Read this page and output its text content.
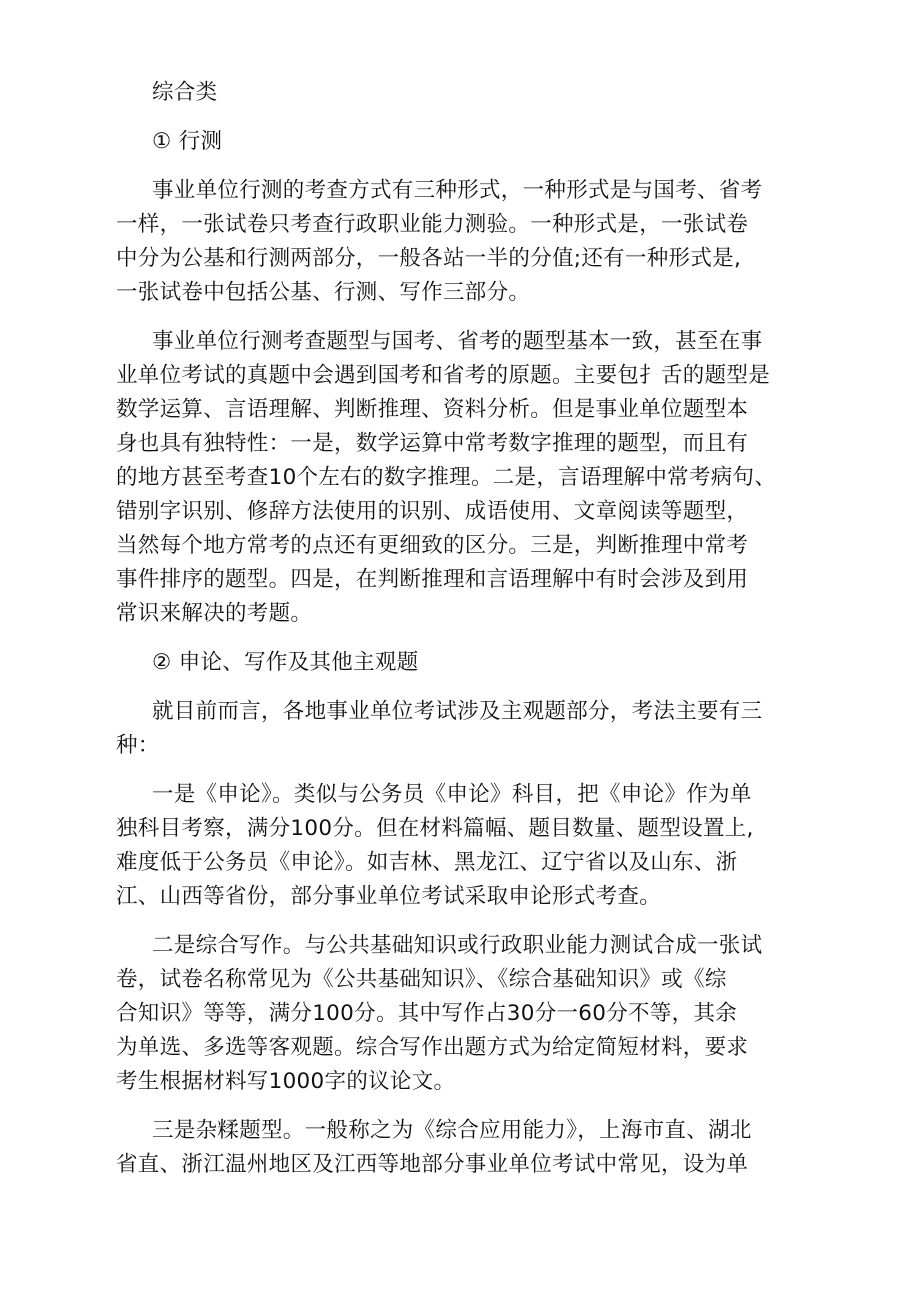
综合类
① 行测
事业单位行测的考查方式有三种形式，一种形式是与国考、省考
一样，一张试卷只考查行政职业能力测验。一种形式是，一张试卷
中分为公基和行测两部分，一般各站一半的分值;还有一种形式是,
一张试卷中包括公基、行测、写作三部分。
事业单位行测考查题型与国考、省考的题型基本一致，甚至在事
业单位考试的真题中会遇到国考和省考的原题。主要包扌舌的题型是
数学运算、言语理解、判断推理、资料分析。但是事业单位题型本
身也具有独特性：一是，数学运算中常考数字推理的题型，而且有
的地方甚至考查10个左右的数字推理。二是，言语理解中常考病句、
错别字识别、修辞方法使用的识别、成语使用、文章阅读等题型，
当然每个地方常考的点还有更细致的区分。三是，判断推理中常考
事件排序的题型。四是，在判断推理和言语理解中有时会涉及到用
常识来解决的考题。
② 申论、写作及其他主观题
就目前而言，各地事业单位考试涉及主观题部分，考法主要有三
种：
一是《申论》。类似与公务员《申论》科目，把《申论》作为单
独科目考察，满分100分。但在材料篇幅、题目数量、题型设置上,
难度低于公务员《申论》。如吉林、黑龙江、辽宁省以及山东、浙
江、山西等省份，部分事业单位考试采取申论形式考查。
二是综合写作。与公共基础知识或行政职业能力测试合成一张试
卷，试卷名称常见为《公共基础知识》、《综合基础知识》或《综
合知识》等等，满分100分。其中写作占30分一60分不等，其余
为单选、多选等客观题。综合写作出题方式为给定简短材料，要求
考生根据材料写1000字的议论文。
三是杂糅题型。一般称之为《综合应用能力》，上海市直、湖北
省直、浙江温州地区及江西等地部分事业单位考试中常见，设为单
